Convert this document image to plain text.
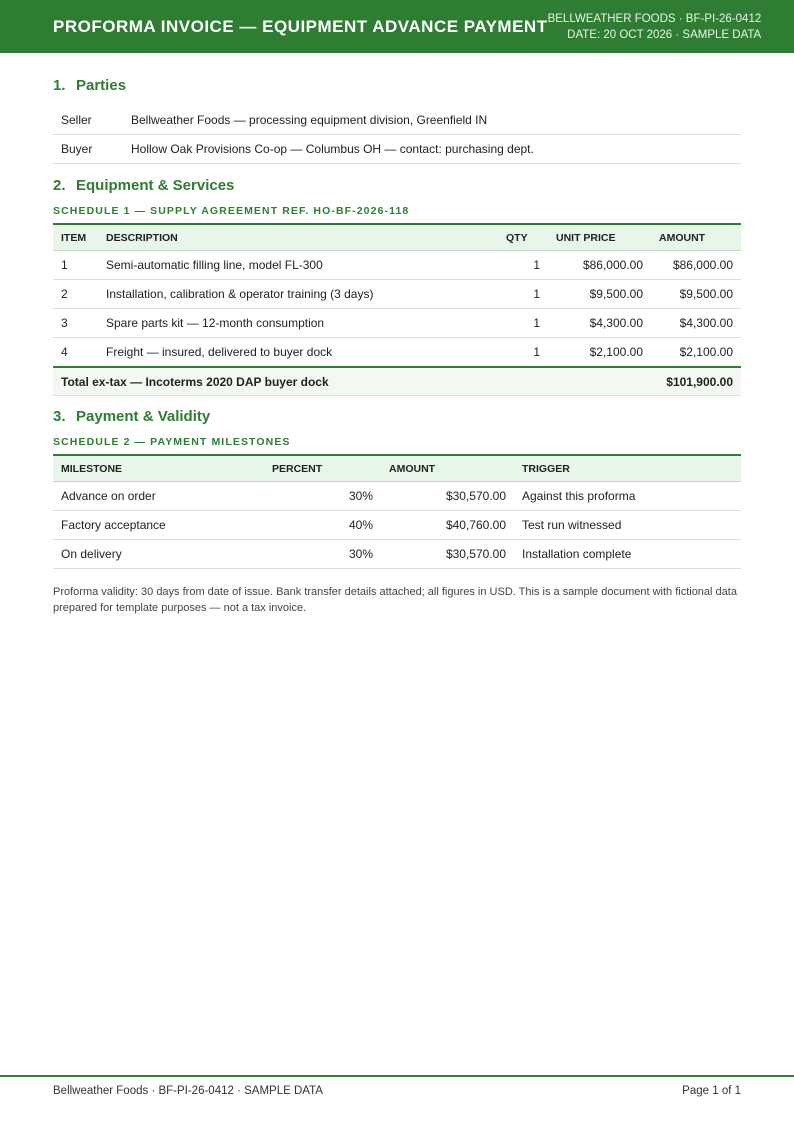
PROFORMA INVOICE — EQUIPMENT ADVANCE PAYMENT BELLWEATHER FOODS · BF-PI-26-0412
DATE: 20 OCT 2026 · SAMPLE DATA
1. Parties
Seller	Bellweather Foods — processing equipment division, Greenfield IN
Buyer	Hollow Oak Provisions Co-op — Columbus OH — contact: purchasing dept.
2. Equipment & Services
SCHEDULE 1 — SUPPLY AGREEMENT REF. HO-BF-2026-118
ITEM	DESCRIPTION	QTY	UNIT PRICE	AMOUNT
1	Semi-automatic filling line, model FL-300	1	$86,000.00	$86,000.00
2	Installation, calibration & operator training (3 days)	1	$9,500.00	$9,500.00
3	Spare parts kit — 12-month consumption	1	$4,300.00	$4,300.00
4	Freight — insured, delivered to buyer dock	1	$2,100.00	$2,100.00
Total ex-tax — Incoterms 2020 DAP buyer dock				$101,900.00
3. Payment & Validity
SCHEDULE 2 — PAYMENT MILESTONES
MILESTONE	PERCENT	AMOUNT	TRIGGER
Advance on order	30%	$30,570.00	Against this proforma
Factory acceptance	40%	$40,760.00	Test run witnessed
On delivery	30%	$30,570.00	Installation complete
Proforma validity: 30 days from date of issue. Bank transfer details attached; all figures in USD. This is a sample document with fictional data prepared for template purposes — not a tax invoice.
Bellweather Foods · BF-PI-26-0412 · SAMPLE DATA	Page 1 of 1
